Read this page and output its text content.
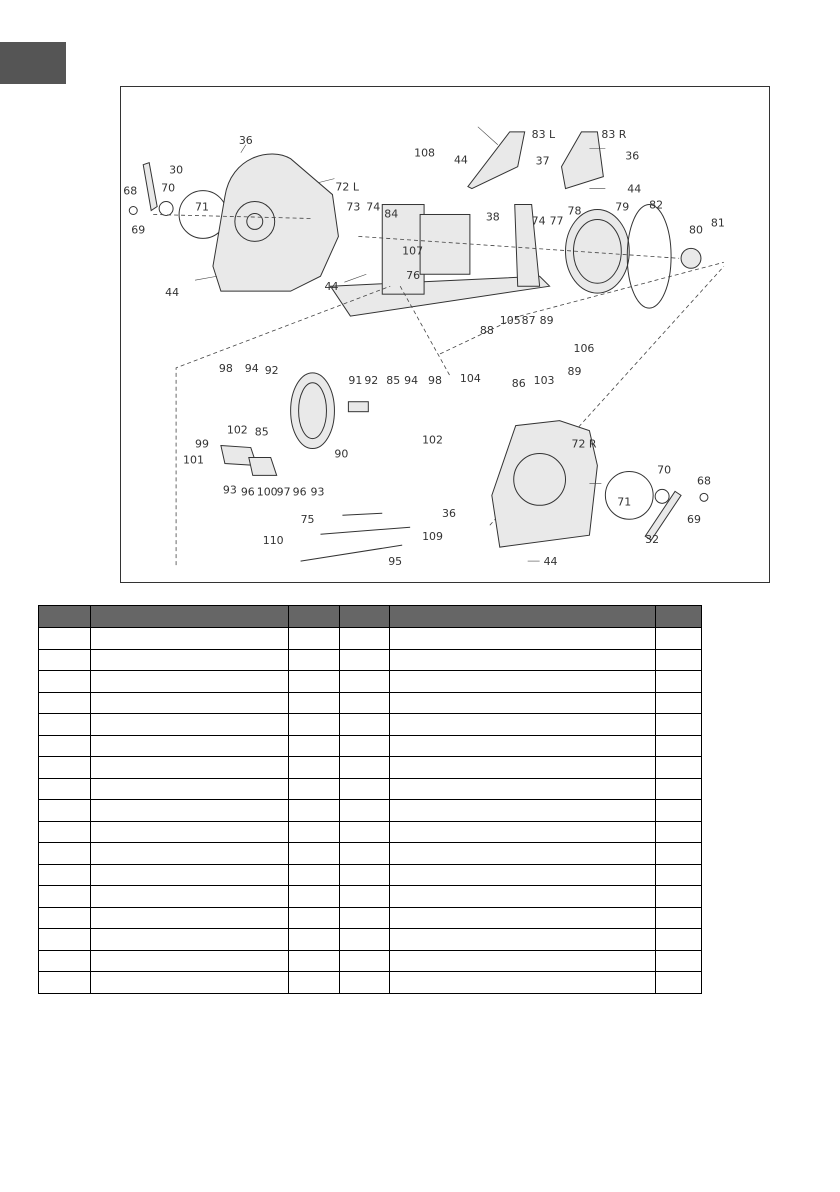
30
36
72 L
68 70
71
69
73 74
84
44	44
107
76
108
44
83 L
37
38	74
83 R
36
44
78
77
79 82
80
81
88
105 87 89
106
104	86 103
89
98 94 92
102 85
90
91 92 85 94 98
102
99
101
93 96 100 97 96 93
75
110	109
95
72 R
70
68
71
69
36
32
44
